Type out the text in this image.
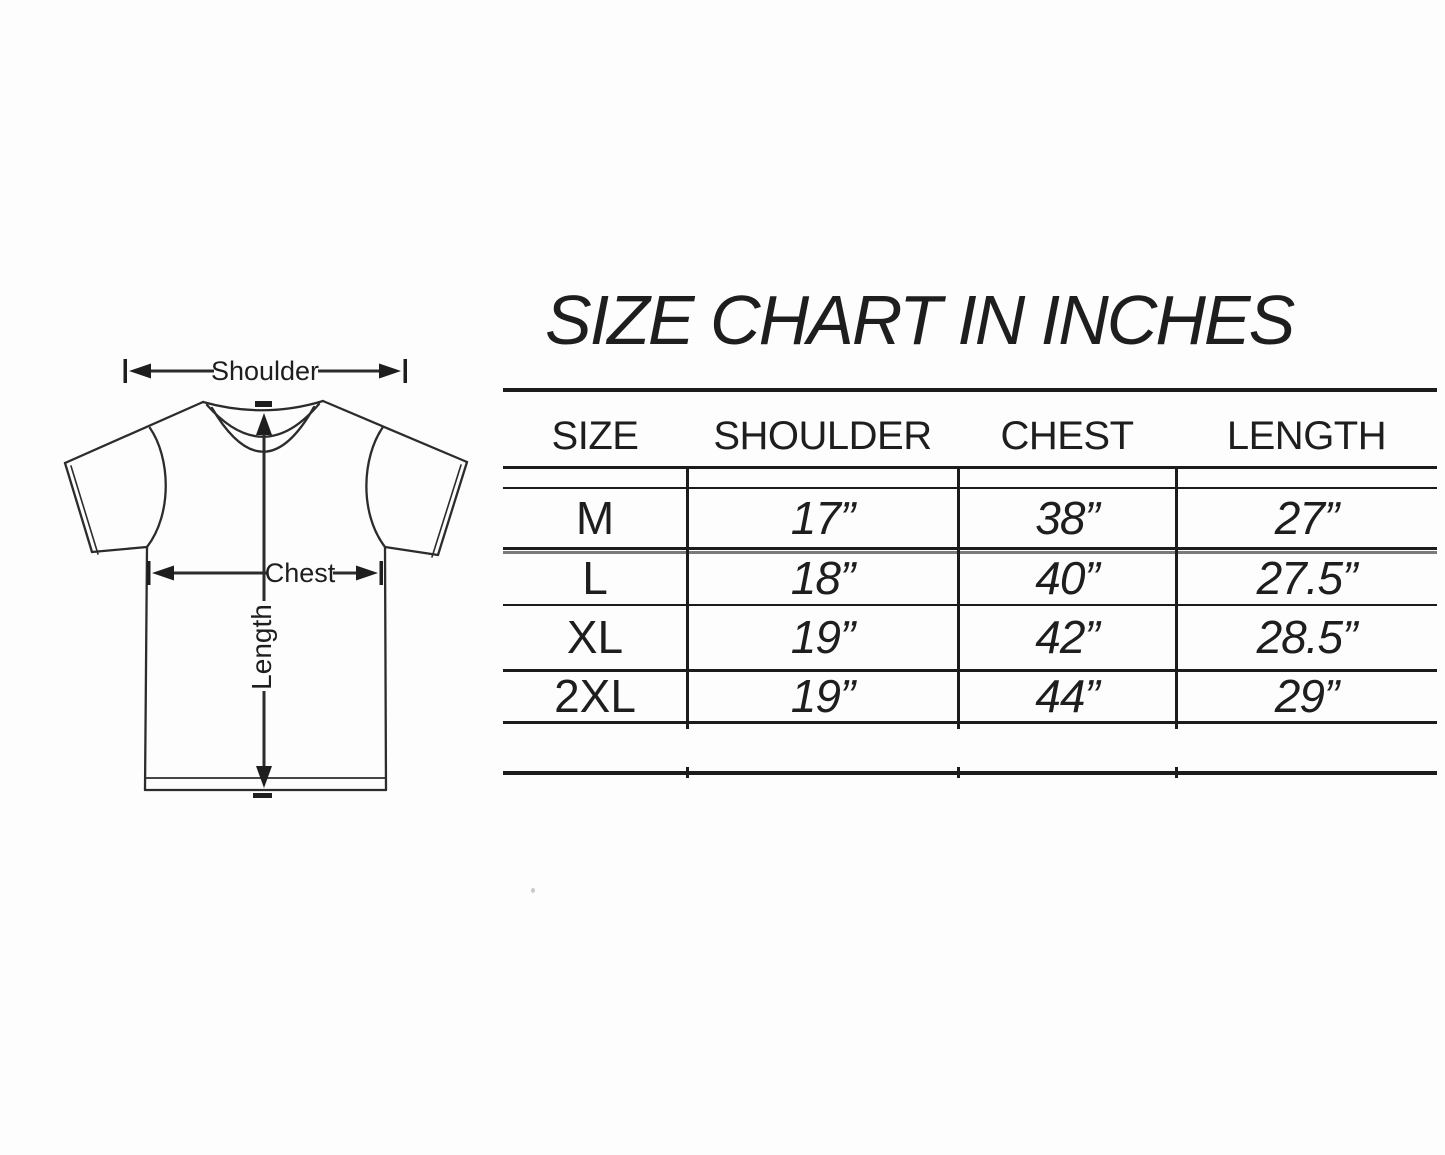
Shoulder
Length
Chest
SIZE CHART IN INCHES
SIZE	SHOULDER	CHEST	LENGTH
M	17”	38”	27”
L	18”	40”	27.5”
XL	19”	42”	28.5”
2XL	19”	44”	29”
